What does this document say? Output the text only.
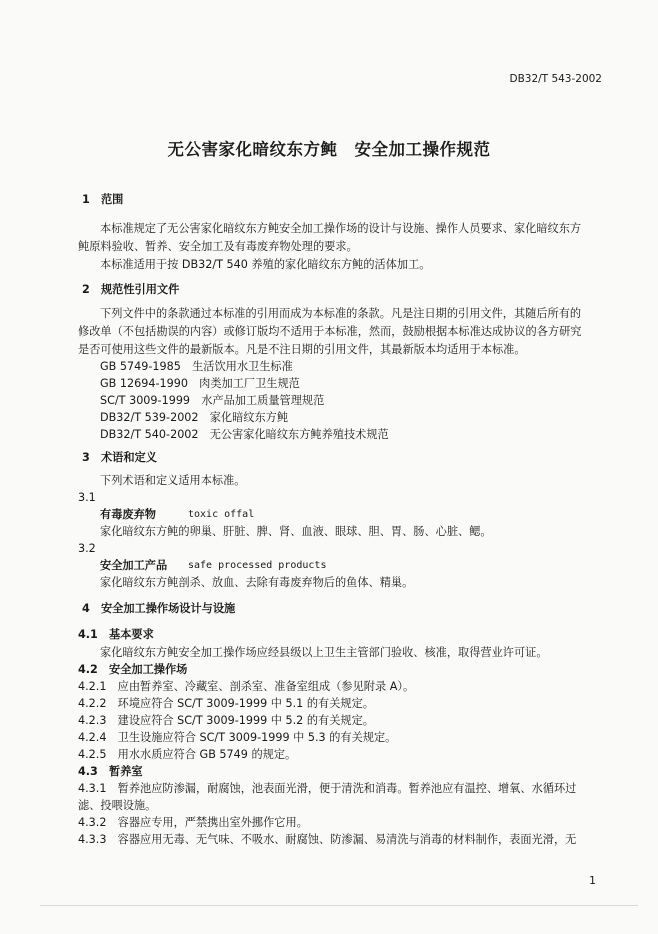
DB32/T 543-2002
无公害家化暗纹东方鲀　安全加工操作规范
1　范围
本标准规定了无公害家化暗纹东方鲀安全加工操作场的设计与设施、操作人员要求、家化暗纹东方
鲀原料验收、暂养、安全加工及有毒废弃物处理的要求。
本标准适用于按 DB32/T 540 养殖的家化暗纹东方鲀的活体加工。
2　规范性引用文件
下列文件中的条款通过本标准的引用而成为本标准的条款。凡是注日期的引用文件，其随后所有的
修改单（不包括勘误的内容）或修订版均不适用于本标准，然而，鼓励根据本标准达成协议的各方研究
是否可使用这些文件的最新版本。凡是不注日期的引用文件，其最新版本均适用于本标准。
GB 5749-1985　生活饮用水卫生标准
GB 12694-1990　肉类加工厂卫生规范
SC/T 3009-1999　水产品加工质量管理规范
DB32/T 539-2002　家化暗纹东方鲀
DB32/T 540-2002　无公害家化暗纹东方鲀养殖技术规范
3　术语和定义
下列术语和定义适用本标准。
3.1
有毒废弃物	toxic offal
家化暗纹东方鲀的卵巢、肝脏、脾、肾、血液、眼球、胆、胃、肠、心脏、鳃。
3.2
安全加工产品 safe processed products
家化暗纹东方鲀剖杀、放血、去除有毒废弃物后的鱼体、精巢。
4　安全加工操作场设计与设施
4.1　基本要求
家化暗纹东方鲀安全加工操作场应经县级以上卫生主管部门验收、核准，取得营业许可证。
4.2　安全加工操作场
4.2.1　应由暂养室、冷藏室、剖杀室、准备室组成（参见附录 A）。
4.2.2　环境应符合 SC/T 3009-1999 中 5.1 的有关规定。
4.2.3　建设应符合 SC/T 3009-1999 中 5.2 的有关规定。
4.2.4　卫生设施应符合 SC/T 3009-1999 中 5.3 的有关规定。
4.2.5　用水水质应符合 GB 5749 的规定。
4.3　暂养室
4.3.1　暂养池应防渗漏，耐腐蚀，池表面光滑，便于清洗和消毒。暂养池应有温控、增氧、水循环过
滤、投喂设施。
4.3.2　容器应专用，严禁携出室外挪作它用。
4.3.3　容器应用无毒、无气味、不吸水、耐腐蚀、防渗漏、易清洗与消毒的材料制作，表面光滑，无
1
